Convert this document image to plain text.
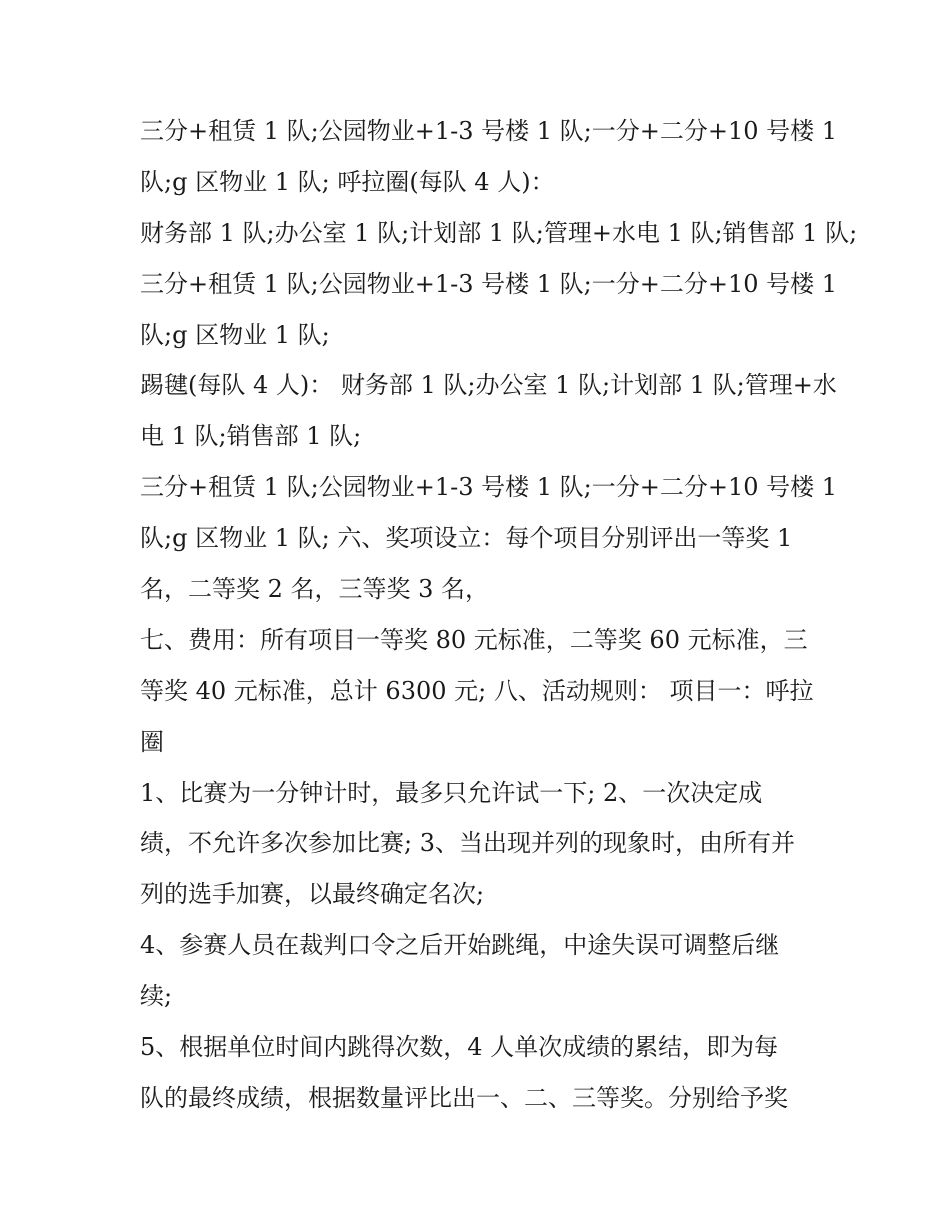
三分+租赁 1 队;公园物业+1-3 号楼 1 队;一分+二分+10 号楼 1

队;g 区物业 1 队; 呼拉圈(每队 4 人)：

财务部 1 队;办公室 1 队;计划部 1 队;管理+水电 1 队;销售部 1 队;

三分+租赁 1 队;公园物业+1-3 号楼 1 队;一分+二分+10 号楼 1

队;g 区物业 1 队;

踢毽(每队 4 人)： 财务部 1 队;办公室 1 队;计划部 1 队;管理+水

电 1 队;销售部 1 队;

三分+租赁 1 队;公园物业+1-3 号楼 1 队;一分+二分+10 号楼 1

队;g 区物业 1 队; 六、奖项设立：每个项目分别评出一等奖 1

名，二等奖 2 名，三等奖 3 名，

七、费用：所有项目一等奖 80 元标准，二等奖 60 元标准，三

等奖 40 元标准，总计 6300 元; 八、活动规则： 项目一：呼拉

圈

1、比赛为一分钟计时，最多只允许试一下; 2、一次决定成

绩，不允许多次参加比赛; 3、当出现并列的现象时，由所有并

列的选手加赛，以最终确定名次;

4、参赛人员在裁判口令之后开始跳绳，中途失误可调整后继

续;

5、根据单位时间内跳得次数，4 人单次成绩的累结，即为每

队的最终成绩，根据数量评比出一、二、三等奖。分别给予奖
